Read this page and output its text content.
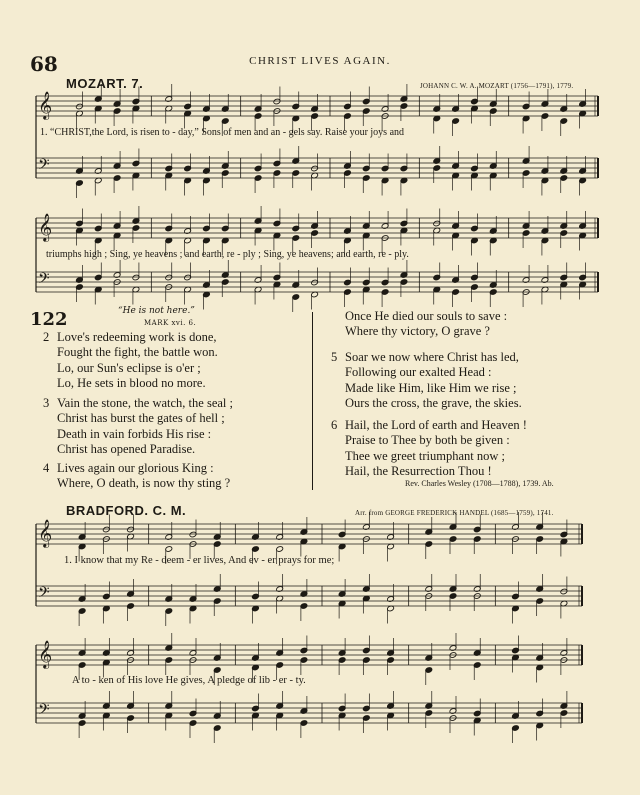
68	CHRIST LIVES AGAIN.
MOZART. 7.	JOHANN C. W. A. MOZART (1756—1791), 1779.
𝄞
𝄢
𝄞
𝄢
𝄞
𝄢
𝄞
𝄢
1. “CHRIST,the Lord, is risen to - day,” Sons of men and an - gels say. Raise your joys and
triumphs high ; Sing, ye heavens ; and earth, re - ply ; Sing, ye heavens; and earth, re - ply.
122	“He is not here.”
MARK xvi. 6.
2 Love's redeeming work is done,
Fought the fight, the battle won.
Lo, our Sun's eclipse is o'er ;
Lo, He sets in blood no more.
3 Vain the stone, the watch, the seal ;
Christ has burst the gates of hell ;
Death in vain forbids His rise :
Christ has opened Paradise.
4 Lives again our glorious King :
Where, O death, is now thy sting ?
Once He died our souls to save :
Where thy victory, O grave ?
5 Soar we now where Christ has led,
Following our exalted Head :
Made like Him, like Him we rise ;
Ours the cross, the grave, the skies.
6 Hail, the Lord of earth and Heaven !
Praise to Thee by both be given :
Thee we greet triumphant now ;
Hail, the Resurrection Thou !
Rev. Charles Wesley (1708—1788), 1739. Ab.
BRADFORD. C. M.	Arr. from GEORGE FREDERICK HANDEL (1685—1759), 1741.
1. I know that my Re - deem - er lives, And ev - er prays for me;
A to - ken of His love He gives, A pledge of lib - er - ty.
